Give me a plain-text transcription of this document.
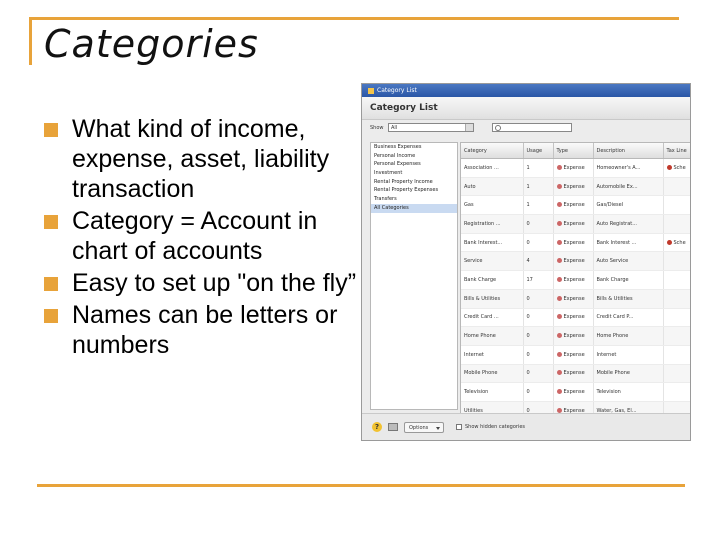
Categories
What kind of income, expense, asset, liability transaction
Category = Account in chart of accounts
Easy to set up "on the fly”
Names can be letters or numbers
Category List
Category List
Show	All
Business Expenses
Personal Income
Personal Expenses
Investment
Rental Property Income
Rental Property Expenses
Transfers
All Categories
Category	Usage	Type	Description	Tax Line
Association ...	1	Expense	Homeowner's A...	Sche
Auto	1	Expense	Automobile Ex...	
Gas	1	Expense	Gas/Diesel	
Registration ...	0	Expense	Auto Registrat...	
Bank Interest...	0	Expense	Bank Interest ...	Sche
Service	4	Expense	Auto Service	
Bank Charge	17	Expense	Bank Charge	
Bills & Utilities	0	Expense	Bills & Utilities	
Credit Card ...	0	Expense	Credit Card P...	
Home Phone	0	Expense	Home Phone	
Internet	0	Expense	Internet	
Mobile Phone	0	Expense	Mobile Phone	
Television	0	Expense	Television	
Utilities	0	Expense	Water, Gas, El...	

?	Options	Show hidden categories
